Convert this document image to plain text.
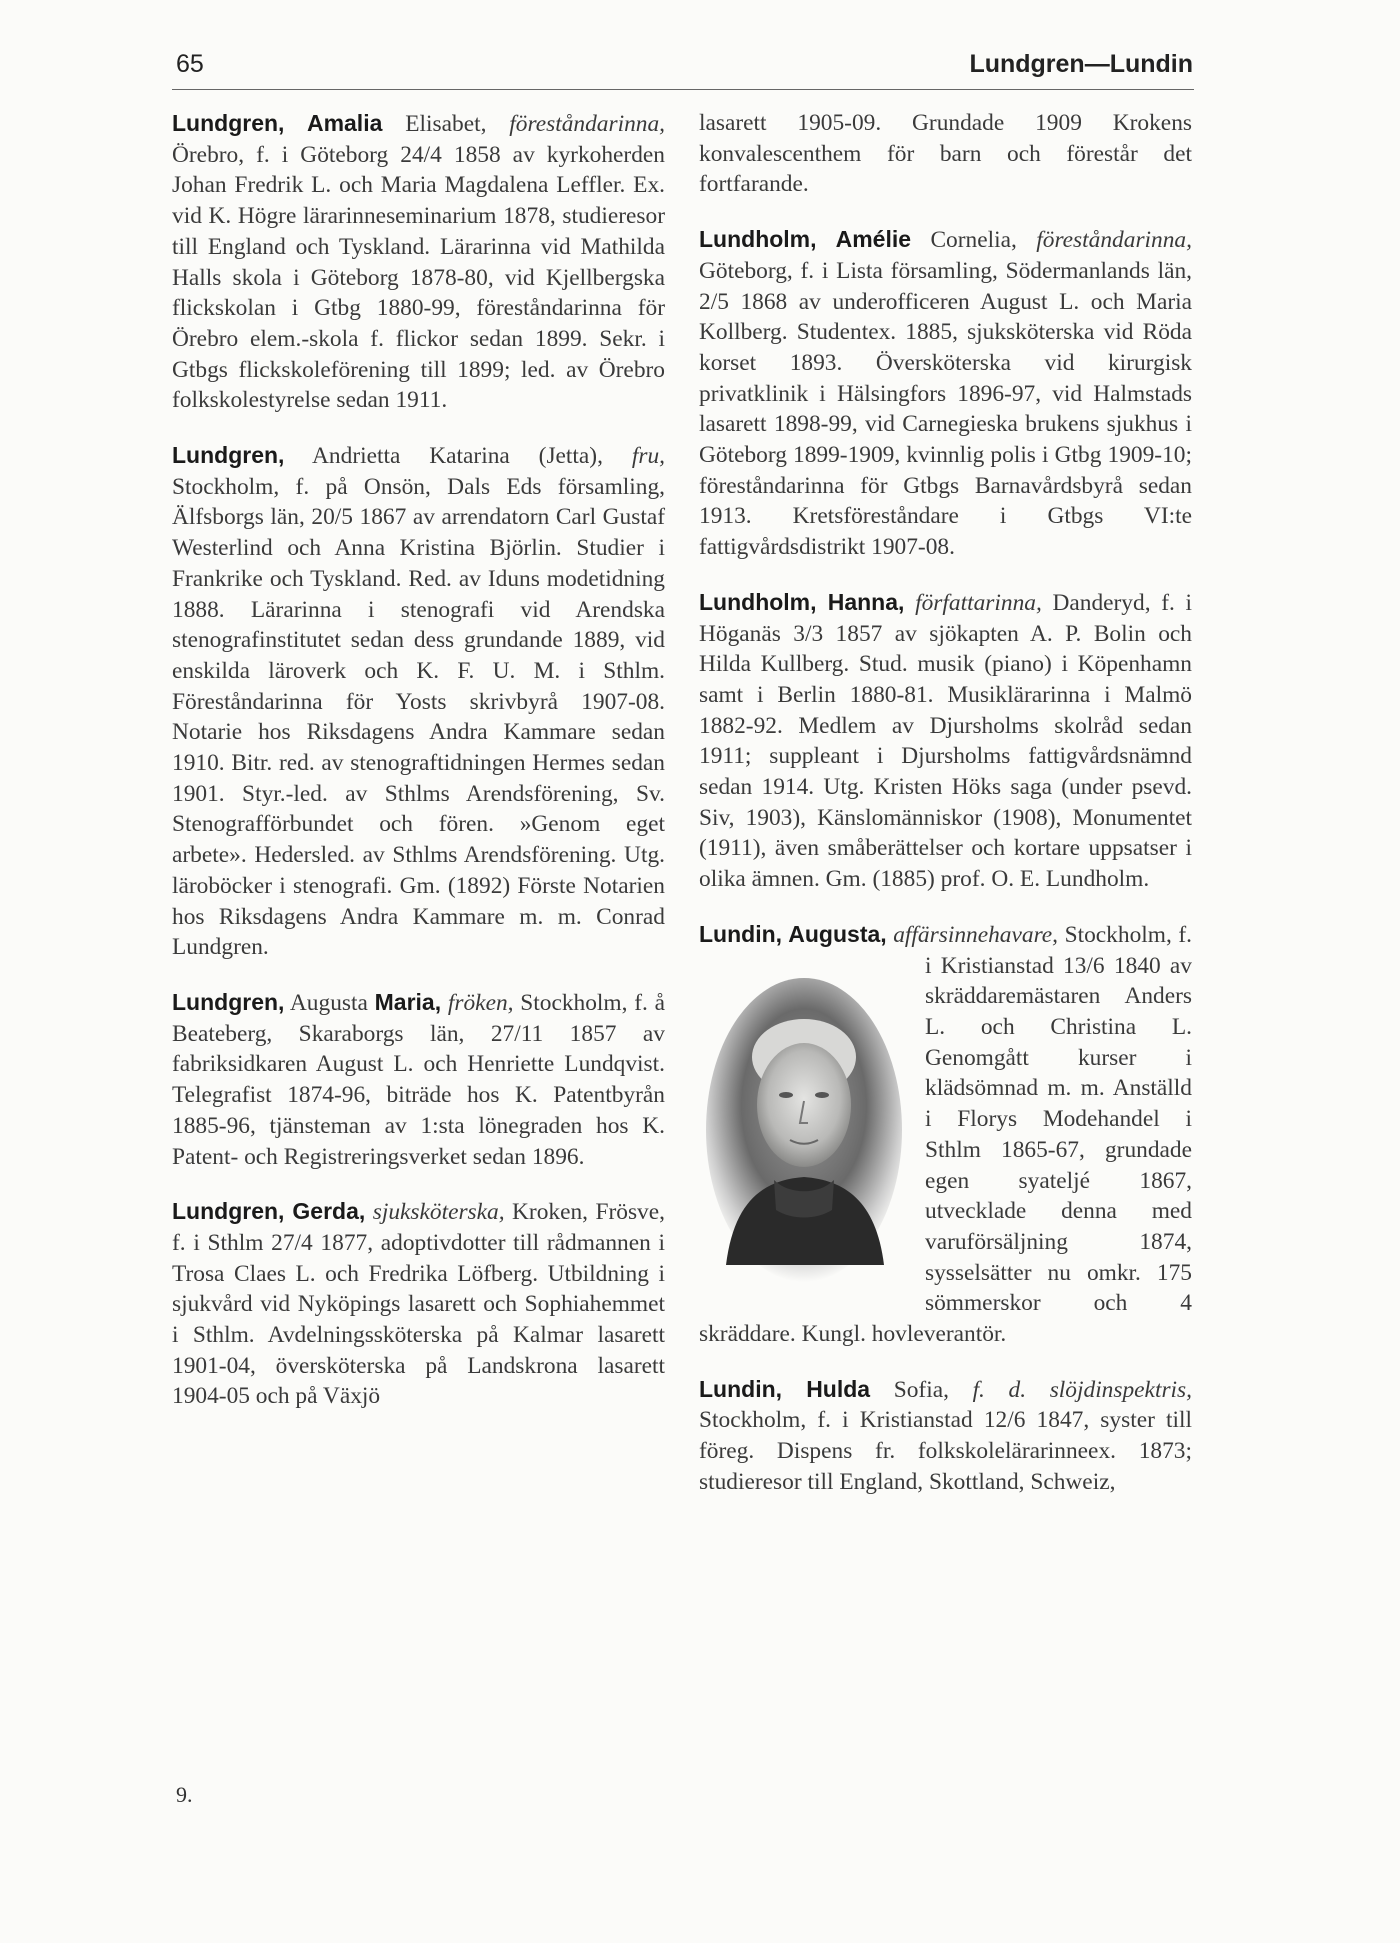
65	Lundgren—Lundin

Lundgren, Amalia Elisabet, föreståndarinna, Örebro, f. i Göteborg 24/4 1858 av kyrkoherden Johan Fredrik L. och Maria Magdalena Leffler. Ex. vid K. Högre lärarinneseminarium 1878, studieresor till England och Tyskland. Lärarinna vid Mathilda Halls skola i Göteborg 1878-80, vid Kjellbergska flickskolan i Gtbg 1880-99, föreståndarinna för Örebro elem.-skola f. flickor sedan 1899. Sekr. i Gtbgs flickskoleförening till 1899; led. av Örebro folkskolestyrelse sedan 1911.

Lundgren, Andrietta Katarina (Jetta), fru, Stockholm, f. på Onsön, Dals Eds församling, Älfsborgs län, 20/5 1867 av arrendatorn Carl Gustaf Westerlind och Anna Kristina Björlin. Studier i Frankrike och Tyskland. Red. av Iduns modetidning 1888. Lärarinna i stenografi vid Arendska stenografinstitutet sedan dess grundande 1889, vid enskilda läroverk och K. F. U. M. i Sthlm. Föreståndarinna för Yosts skrivbyrå 1907-08. Notarie hos Riksdagens Andra Kammare sedan 1910. Bitr. red. av stenograftidningen Hermes sedan 1901. Styr.-led. av Sthlms Arendsförening, Sv. Stenografförbundet och fören. »Genom eget arbete». Hedersled. av Sthlms Arendsförening. Utg. läroböcker i stenografi. Gm. (1892) Förste Notarien hos Riksdagens Andra Kammare m. m. Conrad Lundgren.

Lundgren, Augusta Maria, fröken, Stockholm, f. å Beateberg, Skaraborgs län, 27/11 1857 av fabriksidkaren August L. och Henriette Lundqvist. Telegrafist 1874-96, biträde hos K. Patentbyrån 1885-96, tjänsteman av 1:sta lönegraden hos K. Patent- och Registreringsverket sedan 1896.

Lundgren, Gerda, sjuksköterska, Kroken, Frösve, f. i Sthlm 27/4 1877, adoptivdotter till rådmannen i Trosa Claes L. och Fredrika Löfberg. Utbildning i sjukvård vid Nyköpings lasarett och Sophiahemmet i Sthlm. Avdelningssköterska på Kalmar lasarett 1901-04, översköterska på Landskrona lasarett 1904-05 och på Växjö

lasarett 1905-09. Grundade 1909 Krokens konvalescenthem för barn och förestår det fortfarande.

Lundholm, Amélie Cornelia, föreståndarinna, Göteborg, f. i Lista församling, Södermanlands län, 2/5 1868 av underofficeren August L. och Maria Kollberg. Studentex. 1885, sjuksköterska vid Röda korset 1893. Översköterska vid kirurgisk privatklinik i Hälsingfors 1896-97, vid Halmstads lasarett 1898-99, vid Carnegieska brukens sjukhus i Göteborg 1899-1909, kvinnlig polis i Gtbg 1909-10; föreståndarinna för Gtbgs Barnavårdsbyrå sedan 1913. Kretsföreståndare i Gtbgs VI:te fattigvårdsdistrikt 1907-08.

Lundholm, Hanna, författarinna, Danderyd, f. i Höganäs 3/3 1857 av sjökapten A. P. Bolin och Hilda Kullberg. Stud. musik (piano) i Köpenhamn samt i Berlin 1880-81. Musiklärarinna i Malmö 1882-92. Medlem av Djursholms skolråd sedan 1911; suppleant i Djursholms fattigvårdsnämnd sedan 1914. Utg. Kristen Höks saga (under psevd. Siv, 1903), Känslomänniskor (1908), Monumentet (1911), även småberättelser och kortare uppsatser i olika ämnen. Gm. (1885) prof. O. E. Lundholm.

Lundin, Augusta, affärsinnehavare,
Stockholm, f. i Kristianstad 13/6 1840 av skräddaremästaren Anders L. och Christina L. Genomgått kurser i klädsömnad m. m. Anställd i Florys Modehandel i Sthlm 1865-67, grundade egen syateljé 1867, utvecklade denna med varuförsäljning 1874, sysselsätter nu omkr. 175 sömmerskor och 4 skräddare. Kungl. hovleverantör.

Lundin, Hulda Sofia, f. d. slöjdinspektris, Stockholm, f. i Kristianstad 12/6 1847, syster till föreg. Dispens fr. folkskolelärarinneex. 1873; studieresor till England, Skottland, Schweiz,

9.
